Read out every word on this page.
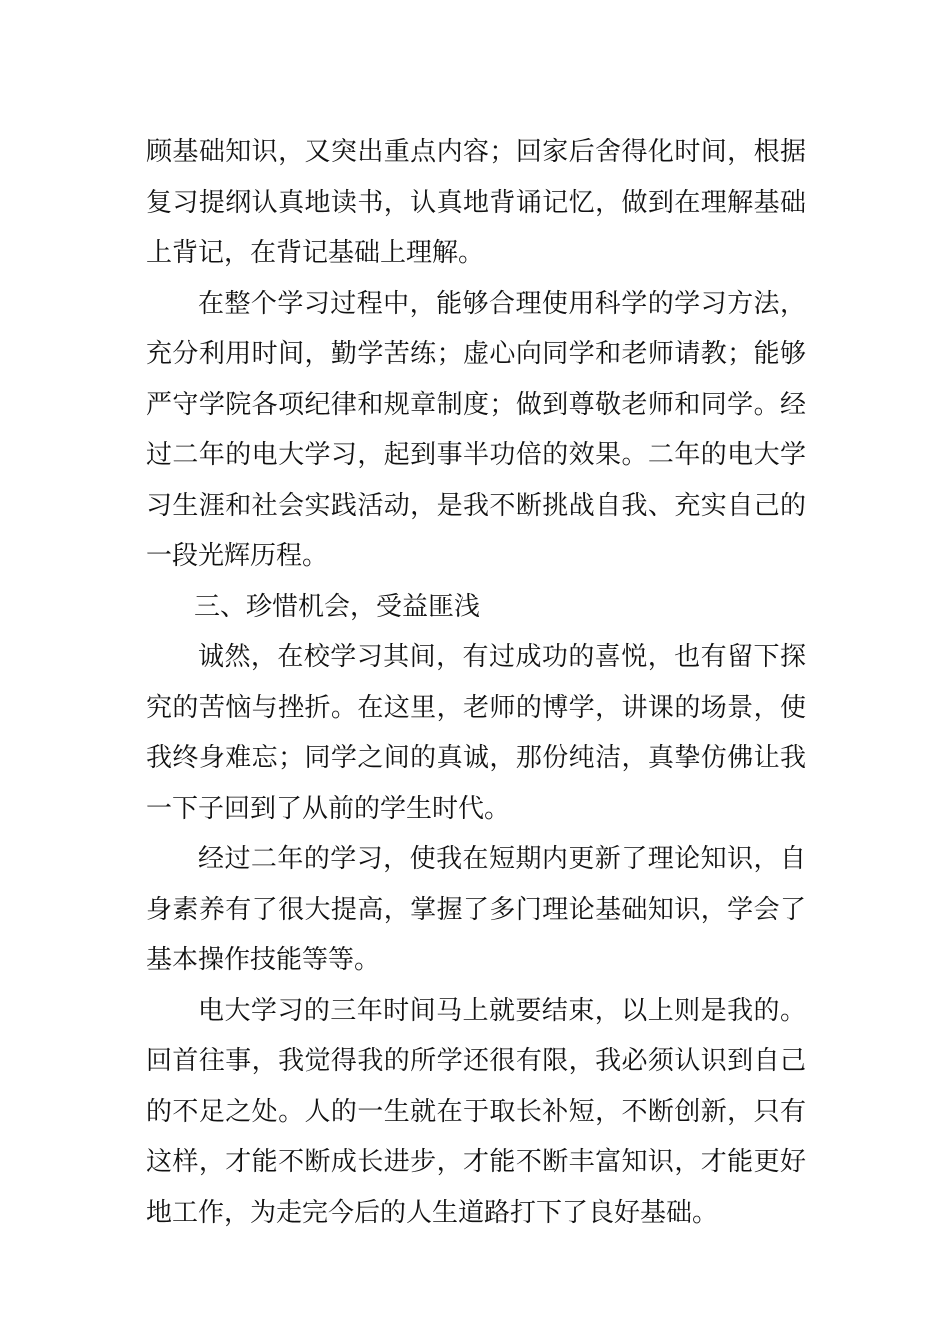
顾基础知识，又突出重点内容；回家后舍得化时间，根据复习提纲认真地读书，认真地背诵记忆，做到在理解基础上背记，在背记基础上理解。

在整个学习过程中，能够合理使用科学的学习方法，充分利用时间，勤学苦练；虚心向同学和老师请教；能够严守学院各项纪律和规章制度；做到尊敬老师和同学。经过二年的电大学习，起到事半功倍的效果。二年的电大学习生涯和社会实践活动，是我不断挑战自我、充实自己的一段光辉历程。

三、珍惜机会，受益匪浅

诚然，在校学习其间，有过成功的喜悦，也有留下探究的苦恼与挫折。在这里，老师的博学，讲课的场景，使我终身难忘；同学之间的真诚，那份纯洁，真挚仿佛让我一下子回到了从前的学生时代。

经过二年的学习，使我在短期内更新了理论知识，自身素养有了很大提高，掌握了多门理论基础知识，学会了基本操作技能等等。

电大学习的三年时间马上就要结束，以上则是我的。回首往事，我觉得我的所学还很有限，我必须认识到自己的不足之处。人的一生就在于取长补短，不断创新，只有这样，才能不断成长进步，才能不断丰富知识，才能更好地工作，为走完今后的人生道路打下了良好基础。
